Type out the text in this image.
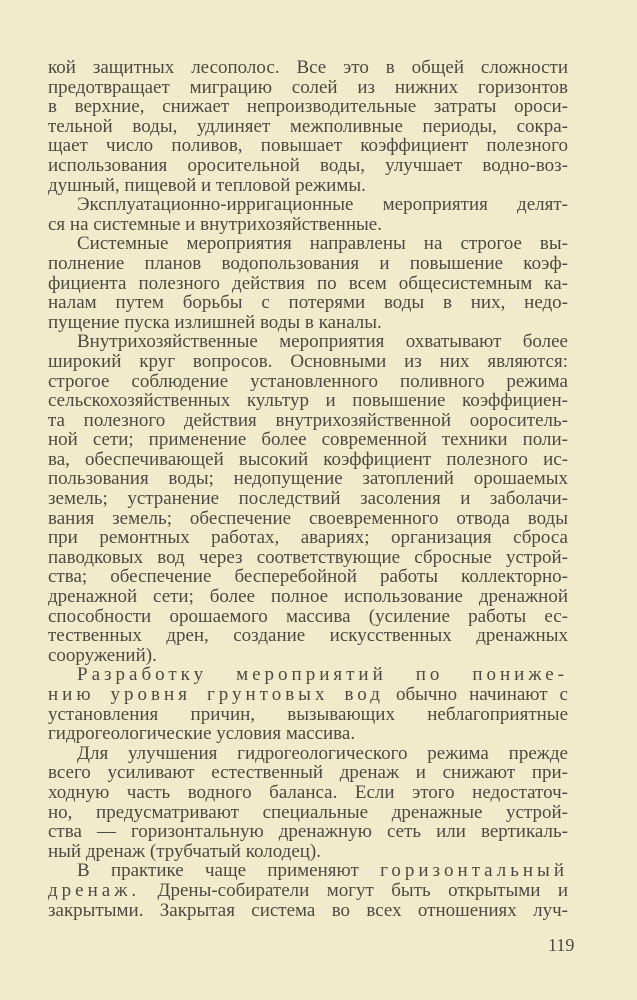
кой защитных лесополос. Все это в общей сложности
предотвращает миграцию солей из нижних горизонтов
в верхние, снижает непроизводительные затраты ороси-
тельной воды, удлиняет межполивные периоды, сокра-
щает число поливов, повышает коэффициент полезного
использования оросительной воды, улучшает водно-воз-
душный, пищевой и тепловой режимы.
Эксплуатационно-ирригационные мероприятия делят-
ся на системные и внутрихозяйственные.
Системные мероприятия направлены на строгое вы-
полнение планов водопользования и повышение коэф-
фициента полезного действия по всем общесистемным ка-
налам путем борьбы с потерями воды в них, недо-
пущение пуска излишней воды в каналы.
Внутрихозяйственные мероприятия охватывают более
широкий круг вопросов. Основными из них являются:
строгое соблюдение установленного поливного режима
сельскохозяйственных культур и повышение коэффициен-
та полезного действия внутрихозяйственной оороситель-
ной сети; применение более современной техники поли-
ва, обеспечивающей высокий коэффициент полезного ис-
пользования воды; недопущение затоплений орошаемых
земель; устранение последствий засоления и заболачи-
вания земель; обеспечение своевременного отвода воды
при ремонтных работах, авариях; организация сброса
паводковых вод через соответствующие сбросные устрой-
ства; обеспечение бесперебойной работы коллекторно-
дренажной сети; более полное использование дренажной
способности орошаемого массива (усиление работы ес-
тественных дрен, создание искусственных дренажных
сооружений).
Разработку мероприятий по пониже-
нию уровня грунтовых вод обычно начинают с
установления причин, вызывающих неблагоприятные
гидрогеологические условия массива.
Для улучшения гидрогеологического режима прежде
всего усиливают естественный дренаж и снижают при-
ходную часть водного баланса. Если этого недостаточ-
но, предусматривают специальные дренажные устрой-
ства — горизонтальную дренажную сеть или вертикаль-
ный дренаж (трубчатый колодец).
В практике чаще применяют горизонтальный
дренаж. Дрены-собиратели могут быть открытыми и
закрытыми. Закрытая система во всех отношениях луч-
119
